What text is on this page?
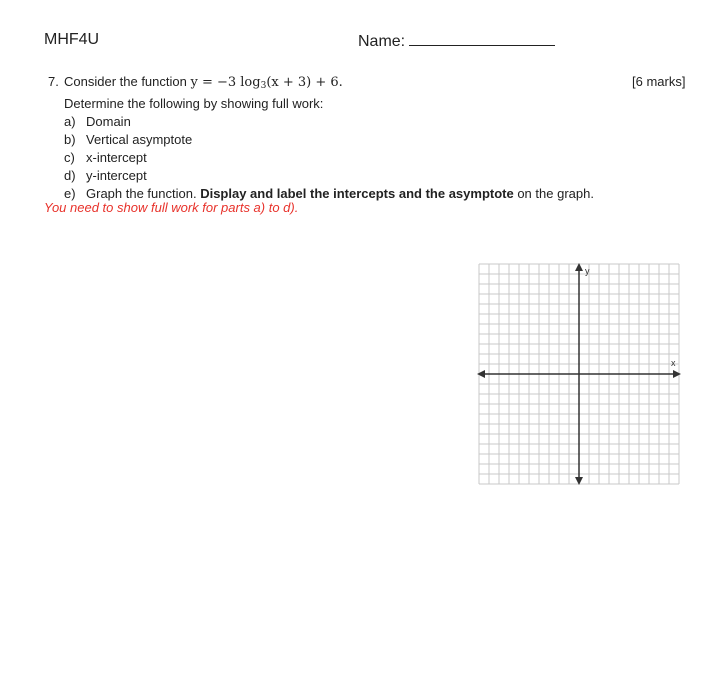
MHF4U	Name:
[6 marks]
7. Consider the function y = −3 $\log_3(x + 3) + 6$.
Determine the following by showing full work:
a) Domain
b) Vertical asymptote
c) x-intercept
d) y-intercept
e) Graph the function. Display and label the intercepts and the asymptote on the graph.
You need to show full work for parts a) to d).
x
y
